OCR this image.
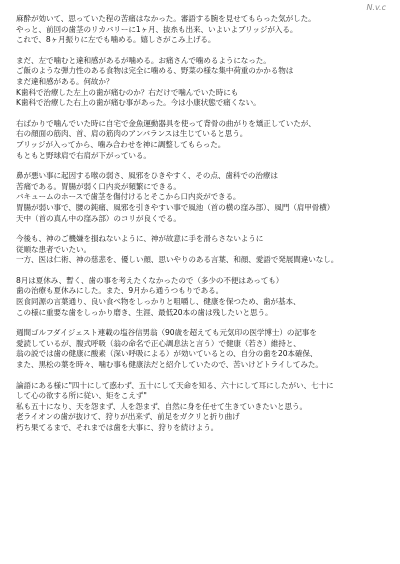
N.v.c
麻酔が効いて、思っていた程の苦痛はなかった。審語する腕を見せてもらった気がした。
やっと、前回の歯茎のリカバリーに1ヶ月、抜糸も出来、いよいよブリッジが入る。
これで、8ヶ月振りに左でも噛める。嬉しさがこみ上げる。
まだ、左で噛むと違和感があるが噛める。お痛さんで噛めるようになった。
ご飯のような弾力性のある食物は完全に噛める、野菜の様な集中荷重のかかる物は
まだ違和感がある。何故か？
K歯科で治療した左上の歯が痛むのか？右だけで噛んでいた時にも
K歯科で治療した右上の歯が痛む事があった。今は小康状態で痛くない。
右ばかりで噛んでいた時に自宅で金魚運動器具を使って背骨の曲がりを矯正していたが、
右の顔面の筋肉、首、肩の筋肉のアンバランスは生じていると思う。
ブリッジが入ってから、噛み合わせを神に調整してもらった。
もともと野球肩で右肩が下がっている。
鼻が悪い事に起因する喉の弱さ、風邪をひきやすく、その点、歯科での治療は
苦痛である。胃腸が弱く口内炎が頻繁にできる。
バキュームのホースで歯茎を傷付けるとそこから口内炎ができる。
胃腸が弱い事で、腰の鈍痛、風邪を引きやすい事で風池（首の横の窪み部）、風門（肩甲骨横）
天中（首の真ん中の窪み部）のコリが良くでる。
今後も、神のご機嫌を損ねないように、神が故意に手を滑らさないように
従順な患者でいたい。
一方、医は仁術、神の慈悲を、優しい顔、思いやりのある言葉、和顔、愛語で発展間違いなし。
8月は夏休み、暫く、歯の事を考えたくなかったので（多少の不便はあっても）
歯の治療も夏休みにした。また、9月から通うつもりである。
医食同源の言葉通り、良い食べ物をしっかりと咀嚼し、健康を保つため、歯が基本、
この様に重要な歯をしっかり磨き、生涯、最低20本の歯は残したいと思う。
週間ゴルフダイジェスト連載の塩谷信男翁（90歳を超えても元気印の医学博士）の記事を
愛読しているが、腹式呼吸（翁の命名で正心調息法と言う）で健康（若さ）維持と、
翁の説では歯の健康に酸素（深い呼吸による）が効いているとの、自分の歯を20本確保、
また、黒松の葉を時々、噛む事も健康法だと紹介していたので、苦いけどトライしてみた。
論語にある様に"四十にして惑わず、五十にして天命を知る、六十にして耳にしたがい、七十に
して心の欲する所に従い、矩をこえず"
私も五十になり、天を怨まず、人を怨まず、自然に身を任せて生きていきたいと思う。
老ライオンの歯が抜けて、狩りが出来ず、前足をガクリと折り曲げ
朽ち果てるまで、それまでは歯を大事に、狩りを続けよう。
